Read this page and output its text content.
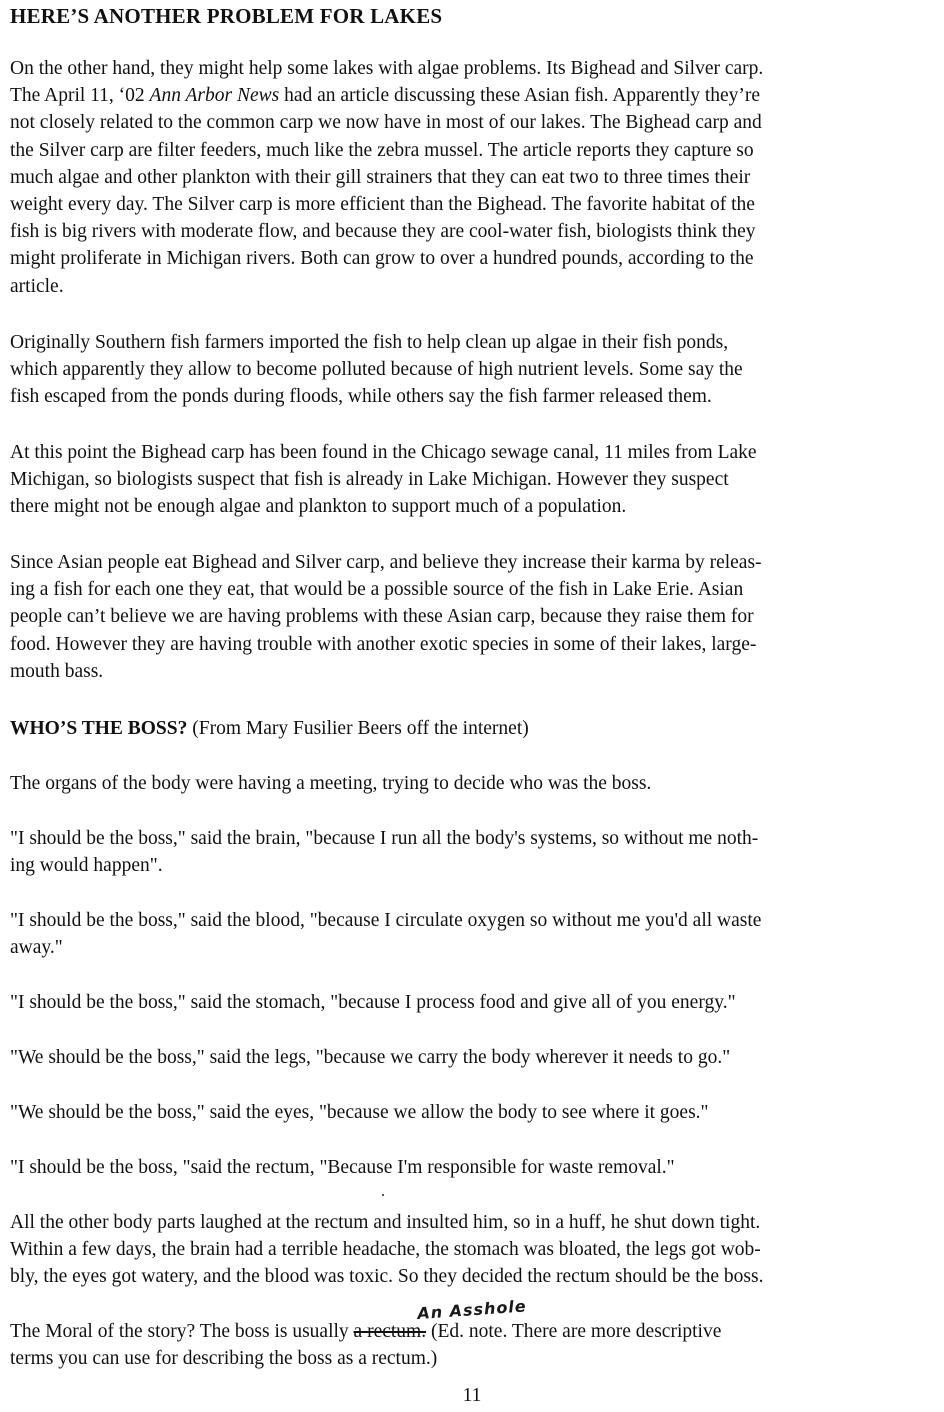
HERE’S ANOTHER PROBLEM FOR LAKES

On the other hand, they might help some lakes with algae problems. Its Bighead and Silver carp.
The April 11, ‘02 Ann Arbor News had an article discussing these Asian fish. Apparently they’re
not closely related to the common carp we now have in most of our lakes. The Bighead carp and
the Silver carp are filter feeders, much like the zebra mussel. The article reports they capture so
much algae and other plankton with their gill strainers that they can eat two to three times their
weight every day. The Silver carp is more efficient than the Bighead. The favorite habitat of the
fish is big rivers with moderate flow, and because they are cool-water fish, biologists think they
might proliferate in Michigan rivers. Both can grow to over a hundred pounds, according to the
article.

Originally Southern fish farmers imported the fish to help clean up algae in their fish ponds,
which apparently they allow to become polluted because of high nutrient levels. Some say the
fish escaped from the ponds during floods, while others say the fish farmer released them.

At this point the Bighead carp has been found in the Chicago sewage canal, 11 miles from Lake
Michigan, so biologists suspect that fish is already in Lake Michigan. However they suspect
there might not be enough algae and plankton to support much of a population.

Since Asian people eat Bighead and Silver carp, and believe they increase their karma by releas-
ing a fish for each one they eat, that would be a possible source of the fish in Lake Erie. Asian
people can’t believe we are having problems with these Asian carp, because they raise them for
food. However they are having trouble with another exotic species in some of their lakes, large-
mouth bass.

WHO’S THE BOSS? (From Mary Fusilier Beers off the internet)

The organs of the body were having a meeting, trying to decide who was the boss.

"I should be the boss," said the brain, "because I run all the body's systems, so without me noth-
ing would happen".

"I should be the boss," said the blood, "because I circulate oxygen so without me you'd all waste
away."

"I should be the boss," said the stomach, "because I process food and give all of you energy."

"We should be the boss," said the legs, "because we carry the body wherever it needs to go."

"We should be the boss," said the eyes, "because we allow the body to see where it goes."

"I should be the boss, "said the rectum, "Because I'm responsible for waste removal."

All the other body parts laughed at the rectum and insulted him, so in a huff, he shut down tight.
Within a few days, the brain had a terrible headache, the stomach was bloated, the legs got wob-
bly, the eyes got watery, and the blood was toxic. So they decided the rectum should be the boss.

An Asshole

The Moral of the story? The boss is usually a rectum. (Ed. note. There are more descriptive
terms you can use for describing the boss as a rectum.)

11
